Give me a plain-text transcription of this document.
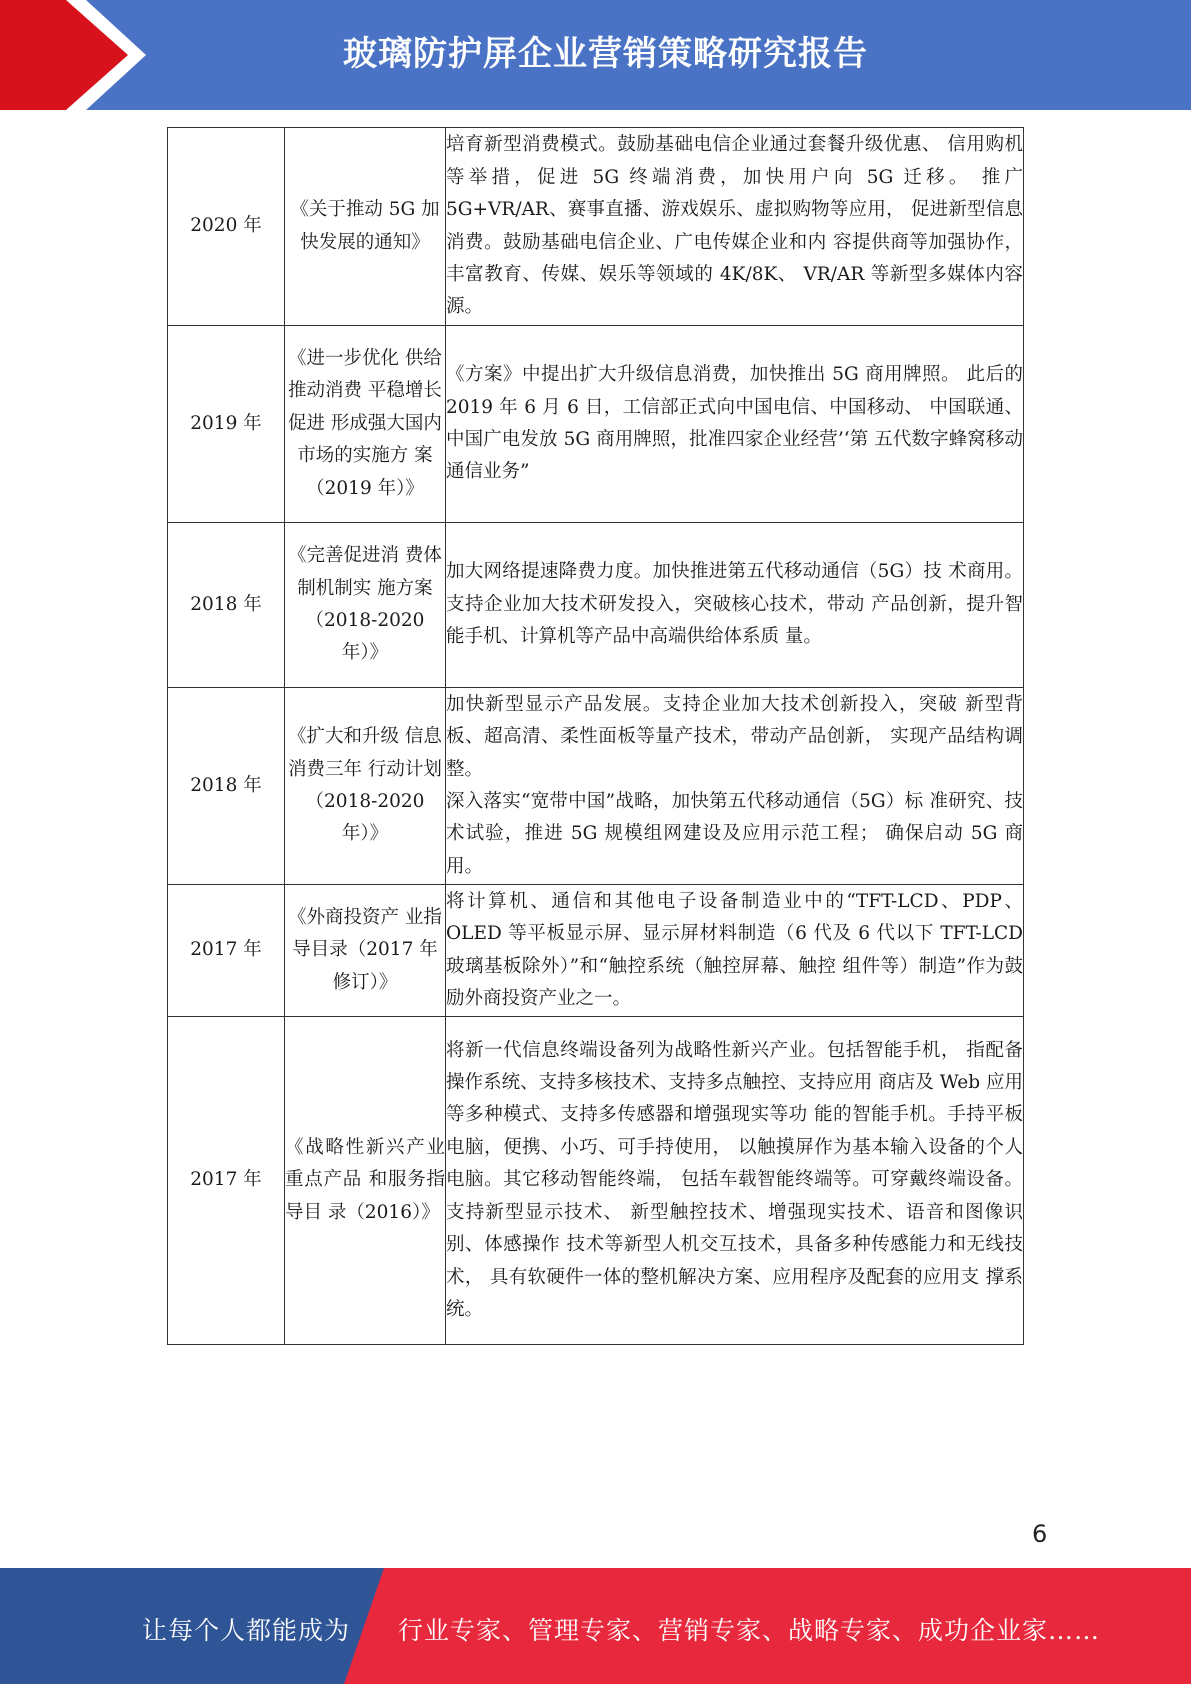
玻璃防护屏企业营销策略研究报告
2020 年	《关于推动 5G 加快发展的通知》	培育新型消费模式。鼓励基础电信企业通过套餐升级优惠、 信用购机等举措，促进 5G 终端消费，加快用户向 5G 迁移。 推广 5G+VR/AR、赛事直播、游戏娱乐、虚拟购物等应用， 促进新型信息消费。鼓励基础电信企业、广电传媒企业和内 容提供商等加强协作，丰富教育、传媒、娱乐等领域的 4K/8K、 VR/AR 等新型多媒体内容源。
2019 年	《进一步优化 供给推动消费 平稳增长促进 形成强大国内 市场的实施方 案（2019 年）》	《方案》中提出扩大升级信息消费，加快推出 5G 商用牌照。 此后的 2019 年 6 月 6 日，工信部正式向中国电信、中国移动、 中国联通、中国广电发放 5G 商用牌照，批准四家企业经营’‘第 五代数字蜂窝移动通信业务”
2018 年	《完善促进消 费体制机制实 施方案（2018-2020 年）》	加大网络提速降费力度。加快推进第五代移动通信（5G）技 术商用。支持企业加大技术研发投入，突破核心技术，带动 产品创新，提升智能手机、计算机等产品中高端供给体系质 量。
2018 年	《扩大和升级 信息消费三年 行动计划（2018-2020 年）》	加快新型显示产品发展。支持企业加大技术创新投入，突破 新型背板、超高清、柔性面板等量产技术，带动产品创新， 实现产品结构调整。
深入落实“宽带中国”战略，加快第五代移动通信（5G）标 准研究、技术试验，推进 5G 规模组网建设及应用示范工程； 确保启动 5G 商用。

2017 年	《外商投资产 业指导目录（2017 年修订）》	将计算机、通信和其他电子设备制造业中的“TFT-LCD、PDP、 OLED 等平板显示屏、显示屏材料制造（6 代及 6 代以下 TFT-LCD 玻璃基板除外）”和“触控系统（触控屏幕、触控 组件等）制造”作为鼓励外商投资产业之一。
2017 年	《战略性新兴产业重点产品 和服务指导目 录（2016）》	将新一代信息终端设备列为战略性新兴产业。包括智能手机， 指配备操作系统、支持多核技术、支持多点触控、支持应用 商店及 Web 应用等多种模式、支持多传感器和增强现实等功 能的智能手机。手持平板电脑，便携、小巧、可手持使用， 以触摸屏作为基本输入设备的个人电脑。其它移动智能终端， 包括车载智能终端等。可穿戴终端设备。支持新型显示技术、 新型触控技术、增强现实技术、语音和图像识别、体感操作 技术等新型人机交互技术，具备多种传感能力和无线技术， 具有软硬件一体的整机解决方案、应用程序及配套的应用支 撑系统。
6
让每个人都能成为 行业专家、管理专家、营销专家、战略专家、成功企业家……
